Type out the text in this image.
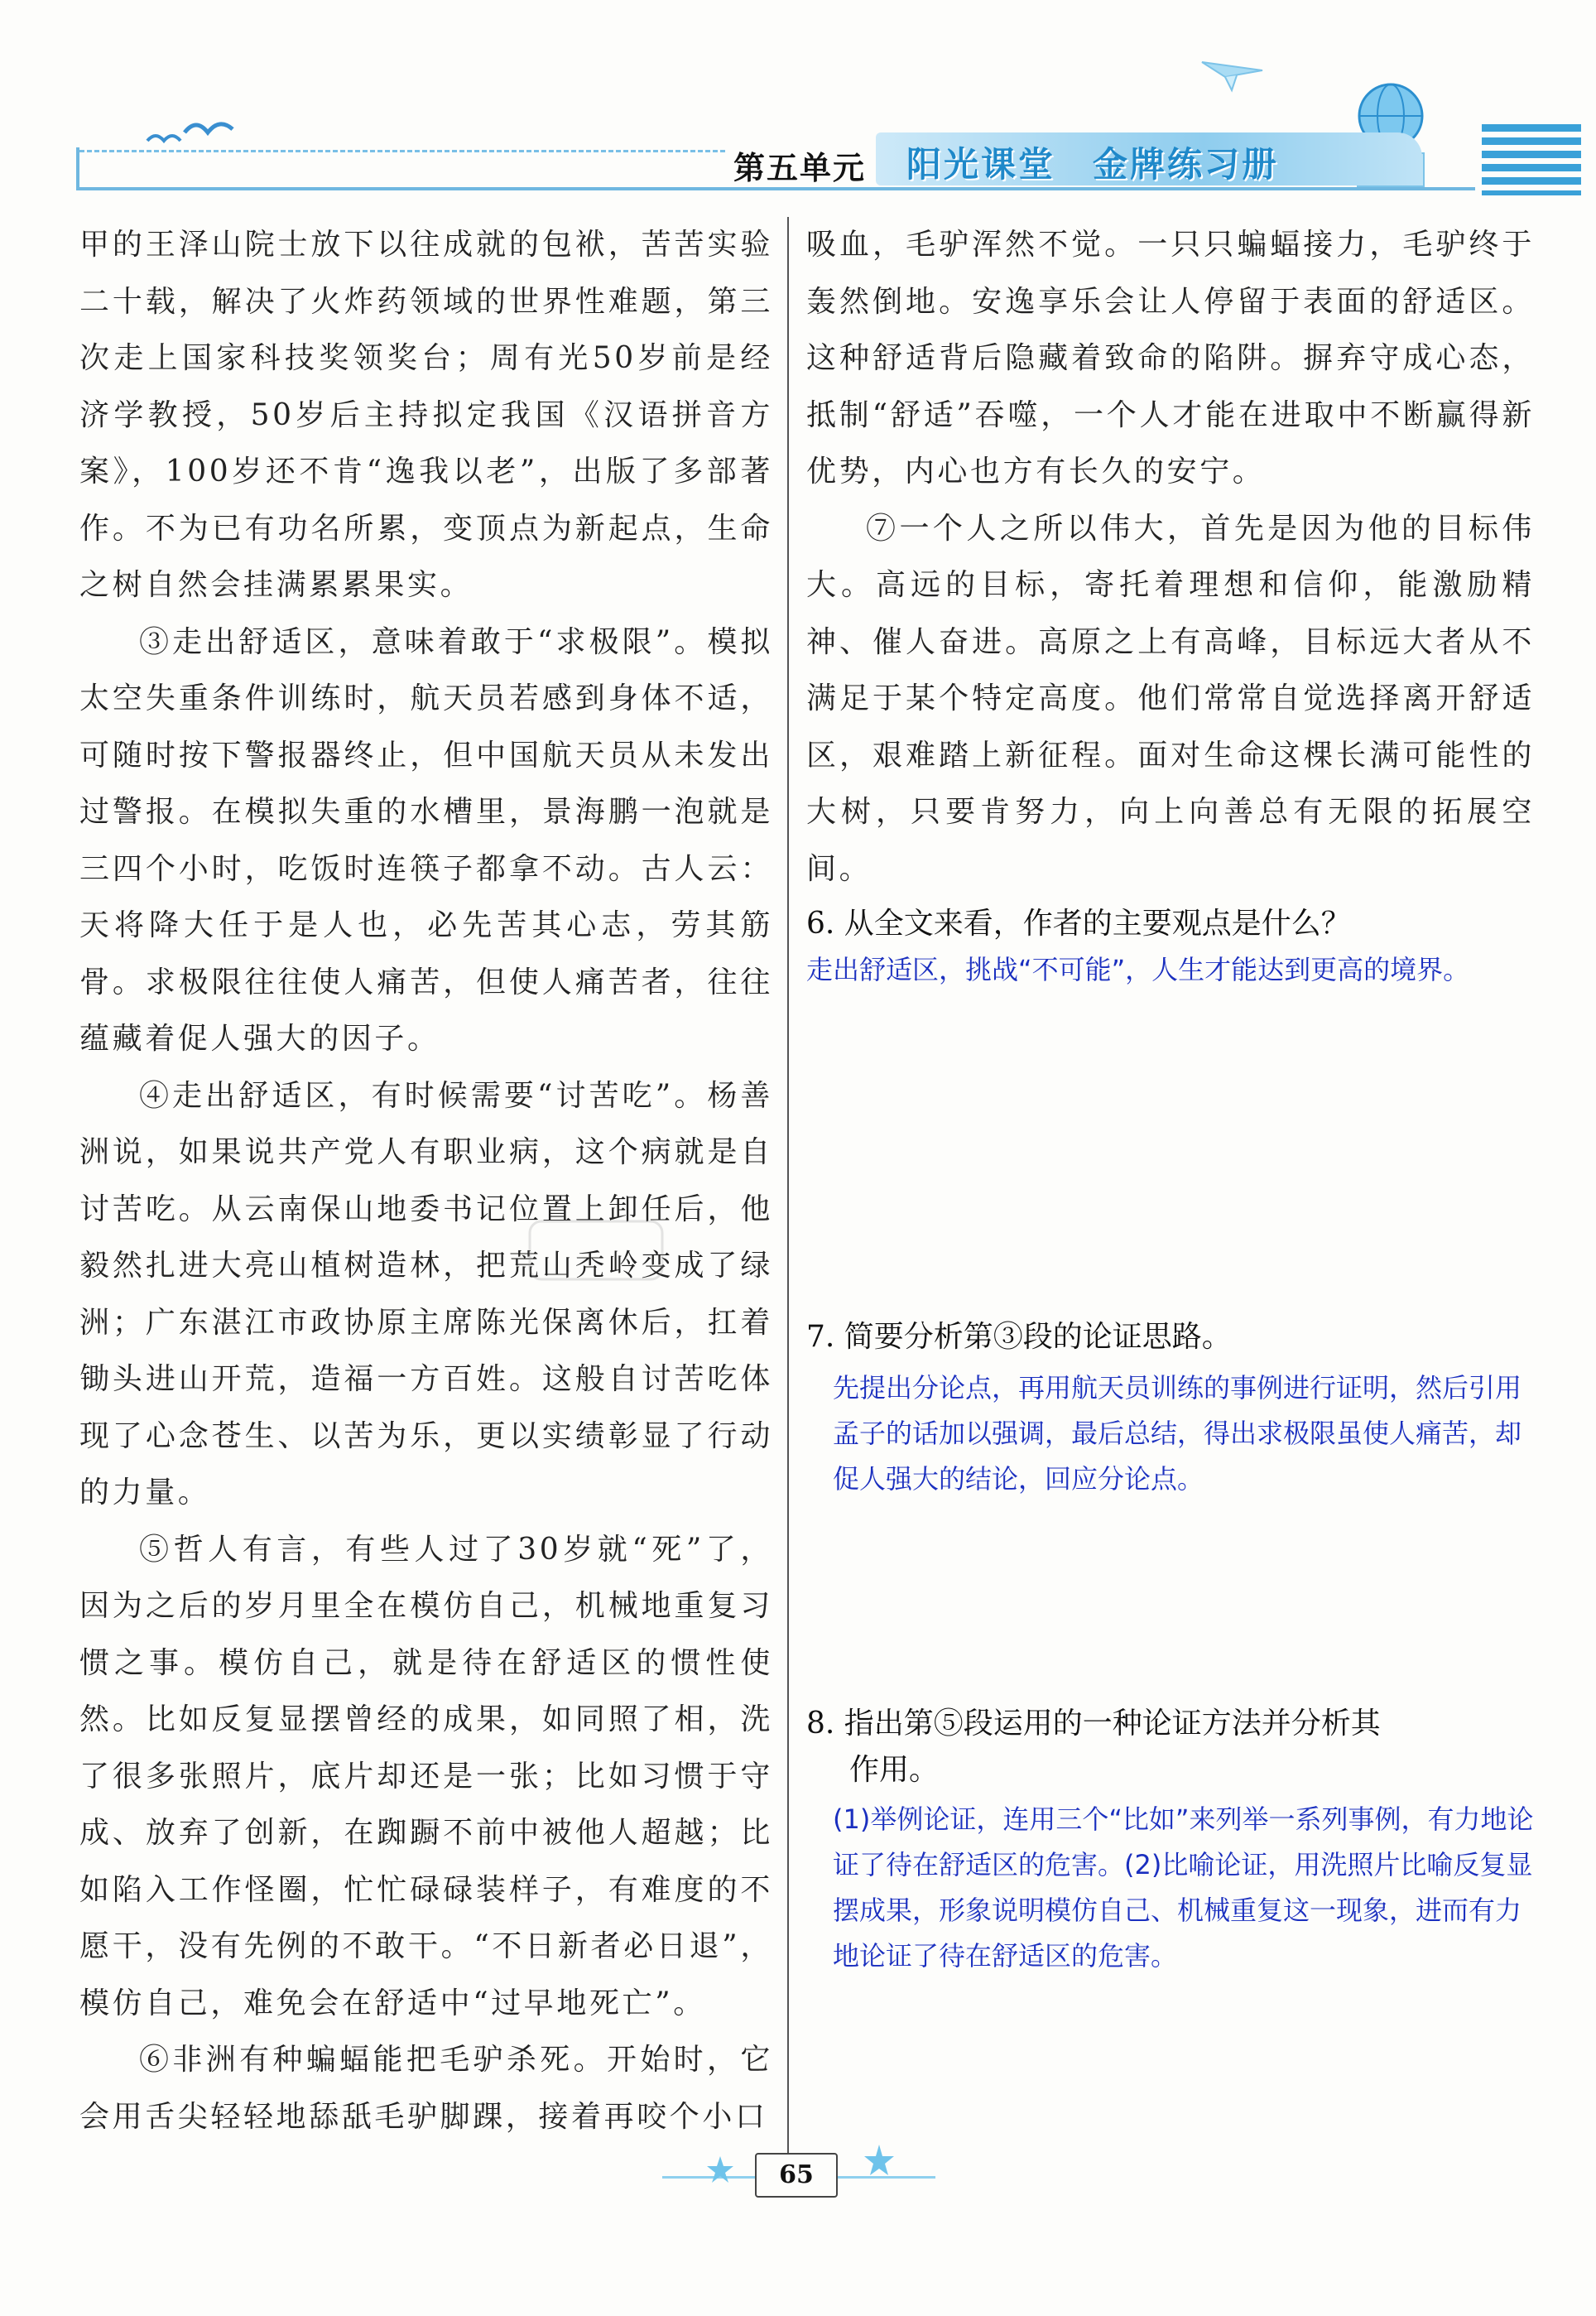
第五单元 阳光课堂　金牌练习册

甲的王泽山院士放下以往成就的包袱，苦苦实验二十载，解决了火炸药领域的世界性难题，第三次走上国家科技奖领奖台；周有光50岁前是经济学教授，50岁后主持拟定我国《汉语拼音方案》，100岁还不肯“逸我以老”，出版了多部著作。不为已有功名所累，变顶点为新起点，生命之树自然会挂满累累果实。

③走出舒适区，意味着敢于“求极限”。模拟太空失重条件训练时，航天员若感到身体不适，可随时按下警报器终止，但中国航天员从未发出过警报。在模拟失重的水槽里，景海鹏一泡就是三四个小时，吃饭时连筷子都拿不动。古人云：天将降大任于是人也，必先苦其心志，劳其筋骨。求极限往往使人痛苦，但使人痛苦者，往往蕴藏着促人强大的因子。

④走出舒适区，有时候需要“讨苦吃”。杨善洲说，如果说共产党人有职业病，这个病就是自讨苦吃。从云南保山地委书记位置上卸任后，他毅然扎进大亮山植树造林，把荒山秃岭变成了绿洲；广东湛江市政协原主席陈光保离休后，扛着锄头进山开荒，造福一方百姓。这般自讨苦吃体现了心念苍生、以苦为乐，更以实绩彰显了行动的力量。

⑤哲人有言，有些人过了30岁就“死”了，因为之后的岁月里全在模仿自己，机械地重复习惯之事。模仿自己，就是待在舒适区的惯性使然。比如反复显摆曾经的成果，如同照了相，洗了很多张照片，底片却还是一张；比如习惯于守成、放弃了创新，在踟蹰不前中被他人超越；比如陷入工作怪圈，忙忙碌碌装样子，有难度的不愿干，没有先例的不敢干。“不日新者必日退”，模仿自己，难免会在舒适中“过早地死亡”。

⑥非洲有种蝙蝠能把毛驴杀死。开始时，它会用舌尖轻轻地舔舐毛驴脚踝，接着再咬个小口

吸血，毛驴浑然不觉。一只只蝙蝠接力，毛驴终于轰然倒地。安逸享乐会让人停留于表面的舒适区。这种舒适背后隐藏着致命的陷阱。摒弃守成心态，抵制“舒适”吞噬，一个人才能在进取中不断赢得新优势，内心也方有长久的安宁。

⑦一个人之所以伟大，首先是因为他的目标伟大。高远的目标，寄托着理想和信仰，能激励精神、催人奋进。高原之上有高峰，目标远大者从不满足于某个特定高度。他们常常自觉选择离开舒适区，艰难踏上新征程。面对生命这棵长满可能性的大树，只要肯努力，向上向善总有无限的拓展空间。

6. 从全文来看，作者的主要观点是什么？

走出舒适区，挑战“不可能”，人生才能达到更高的境界。

7. 简要分析第③段的论证思路。

先提出分论点，再用航天员训练的事例进行证明，然后引用孟子的话加以强调，最后总结，得出求极限虽使人痛苦，却促人强大的结论，回应分论点。

8. 指出第⑤段运用的一种论证方法并分析其

作用。

(1)举例论证，连用三个“比如”来列举一系列事例，有力地论证了待在舒适区的危害。(2)比喻论证，用洗照片比喻反复显摆成果，形象说明模仿自己、机械重复这一现象，进而有力地论证了待在舒适区的危害。

65
